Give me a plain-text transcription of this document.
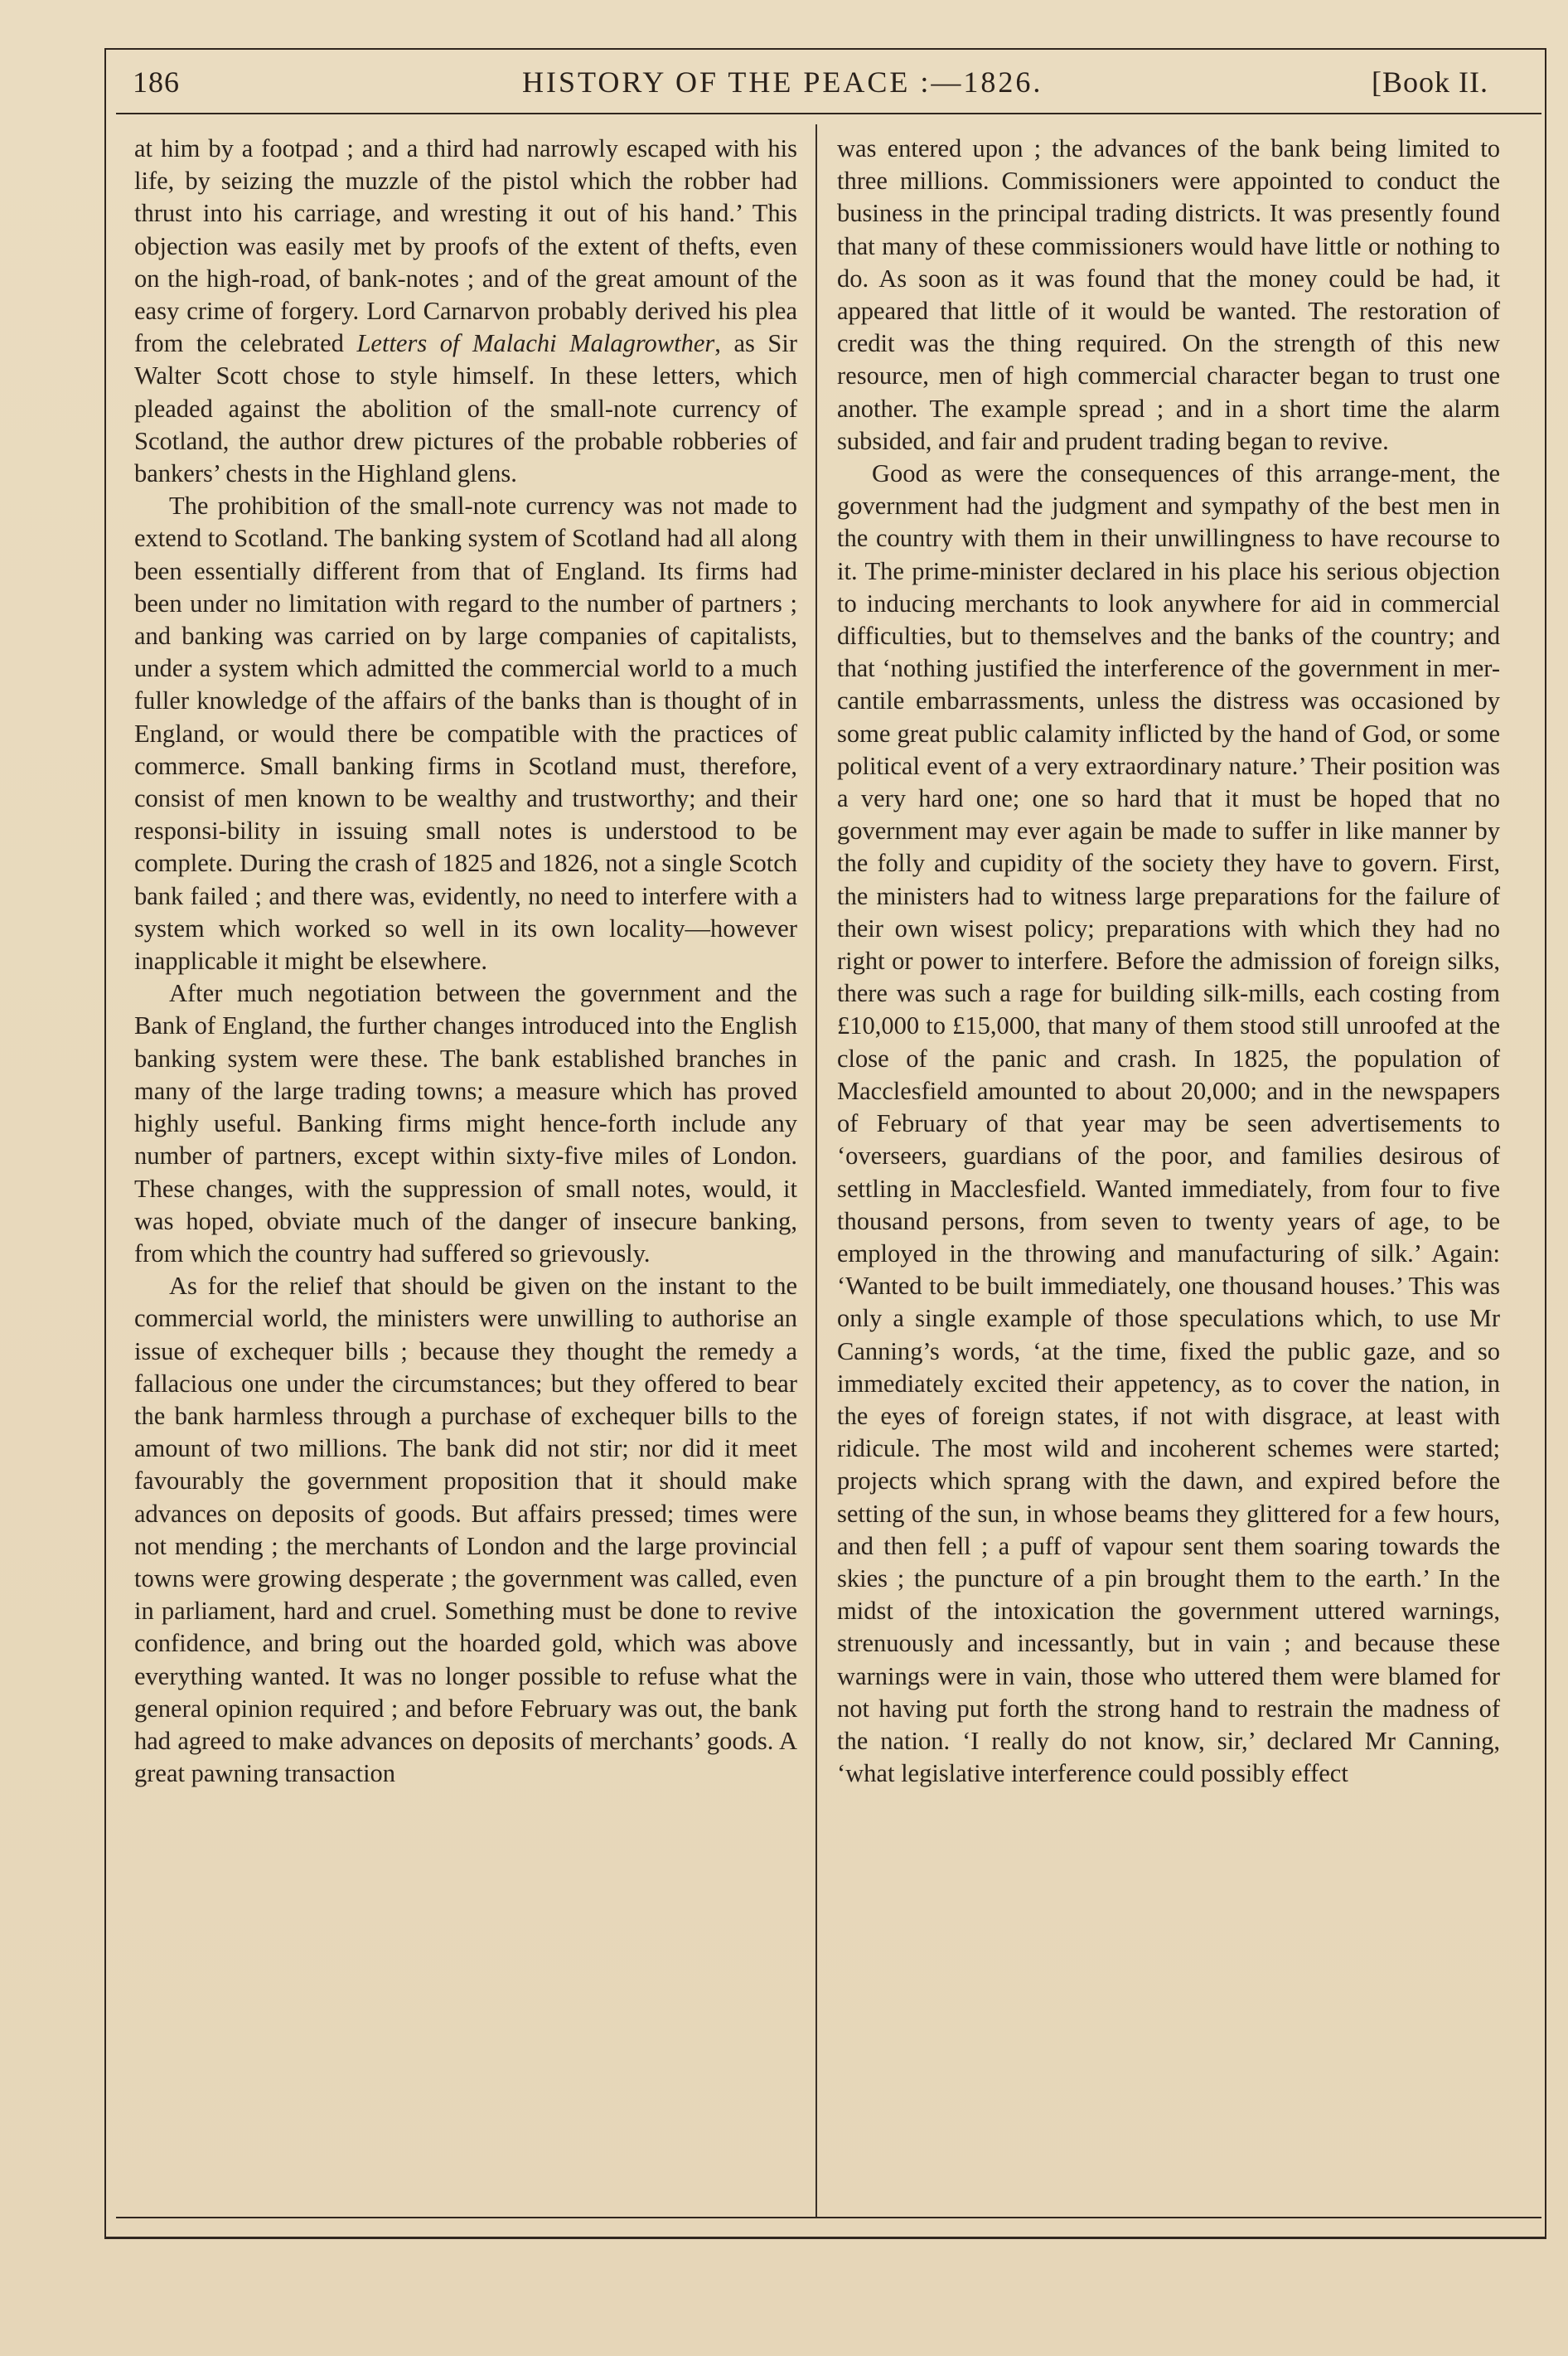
186	HISTORY OF THE PEACE :—1826.	[Book II.

at him by a footpad ; and a third had narrowly escaped with his life, by seizing the muzzle of the pistol which the robber had thrust into his carriage, and wresting it out of his hand.’ This objection was easily met by proofs of the extent of thefts, even on the high-road, of bank-notes ; and of the great amount of the easy crime of forgery. Lord Carnarvon probably derived his plea from the celebrated Letters of Malachi Malagrowther, as Sir Walter Scott chose to style himself. In these letters, which pleaded against the abolition of the small-note currency of Scotland, the author drew pictures of the probable robberies of bankers’ chests in the Highland glens.

The prohibition of the small-note currency was not made to extend to Scotland. The banking system of Scotland had all along been essentially different from that of England. Its firms had been under no limitation with regard to the number of partners ; and banking was carried on by large companies of capitalists, under a system which admitted the commercial world to a much fuller knowledge of the affairs of the banks than is thought of in England, or would there be compatible with the practices of commerce. Small banking firms in Scotland must, therefore, consist of men known to be wealthy and trustworthy; and their responsi-bility in issuing small notes is understood to be complete. During the crash of 1825 and 1826, not a single Scotch bank failed ; and there was, evidently, no need to interfere with a system which worked so well in its own locality—however inapplicable it might be elsewhere.

After much negotiation between the government and the Bank of England, the further changes introduced into the English banking system were these. The bank established branches in many of the large trading towns; a measure which has proved highly useful. Banking firms might hence-forth include any number of partners, except within sixty-five miles of London. These changes, with the suppression of small notes, would, it was hoped, obviate much of the danger of insecure banking, from which the country had suffered so grievously.

As for the relief that should be given on the instant to the commercial world, the ministers were unwilling to authorise an issue of exchequer bills ; because they thought the remedy a fallacious one under the circumstances; but they offered to bear the bank harmless through a purchase of exchequer bills to the amount of two millions. The bank did not stir; nor did it meet favourably the government proposition that it should make advances on deposits of goods. But affairs pressed; times were not mending ; the merchants of London and the large provincial towns were growing desperate ; the government was called, even in parliament, hard and cruel. Something must be done to revive confidence, and bring out the hoarded gold, which was above everything wanted. It was no longer possible to refuse what the general opinion required ; and before February was out, the bank had agreed to make advances on deposits of merchants’ goods. A great pawning transaction

was entered upon ; the advances of the bank being limited to three millions. Commissioners were appointed to conduct the business in the principal trading districts. It was presently found that many of these commissioners would have little or nothing to do. As soon as it was found that the money could be had, it appeared that little of it would be wanted. The restoration of credit was the thing required. On the strength of this new resource, men of high commercial character began to trust one another. The example spread ; and in a short time the alarm subsided, and fair and prudent trading began to revive.

Good as were the consequences of this arrange-ment, the government had the judgment and sympathy of the best men in the country with them in their unwillingness to have recourse to it. The prime-minister declared in his place his serious objection to inducing merchants to look anywhere for aid in commercial difficulties, but to themselves and the banks of the country; and that ‘nothing justified the interference of the government in mer-cantile embarrassments, unless the distress was occasioned by some great public calamity inflicted by the hand of God, or some political event of a very extraordinary nature.’ Their position was a very hard one; one so hard that it must be hoped that no government may ever again be made to suffer in like manner by the folly and cupidity of the society they have to govern. First, the ministers had to witness large preparations for the failure of their own wisest policy; preparations with which they had no right or power to interfere. Before the admission of foreign silks, there was such a rage for building silk-mills, each costing from £10,000 to £15,000, that many of them stood still unroofed at the close of the panic and crash. In 1825, the population of Macclesfield amounted to about 20,000; and in the newspapers of February of that year may be seen advertisements to ‘overseers, guardians of the poor, and families desirous of settling in Macclesfield. Wanted immediately, from four to five thousand persons, from seven to twenty years of age, to be employed in the throwing and manufacturing of silk.’ Again: ‘Wanted to be built immediately, one thousand houses.’ This was only a single example of those speculations which, to use Mr Canning’s words, ‘at the time, fixed the public gaze, and so immediately excited their appetency, as to cover the nation, in the eyes of foreign states, if not with disgrace, at least with ridicule. The most wild and incoherent schemes were started; projects which sprang with the dawn, and expired before the setting of the sun, in whose beams they glittered for a few hours, and then fell ; a puff of vapour sent them soaring towards the skies ; the puncture of a pin brought them to the earth.’ In the midst of the intoxication the government uttered warnings, strenuously and incessantly, but in vain ; and because these warnings were in vain, those who uttered them were blamed for not having put forth the strong hand to restrain the madness of the nation. ‘I really do not know, sir,’ declared Mr Canning, ‘what legislative interference could possibly effect
